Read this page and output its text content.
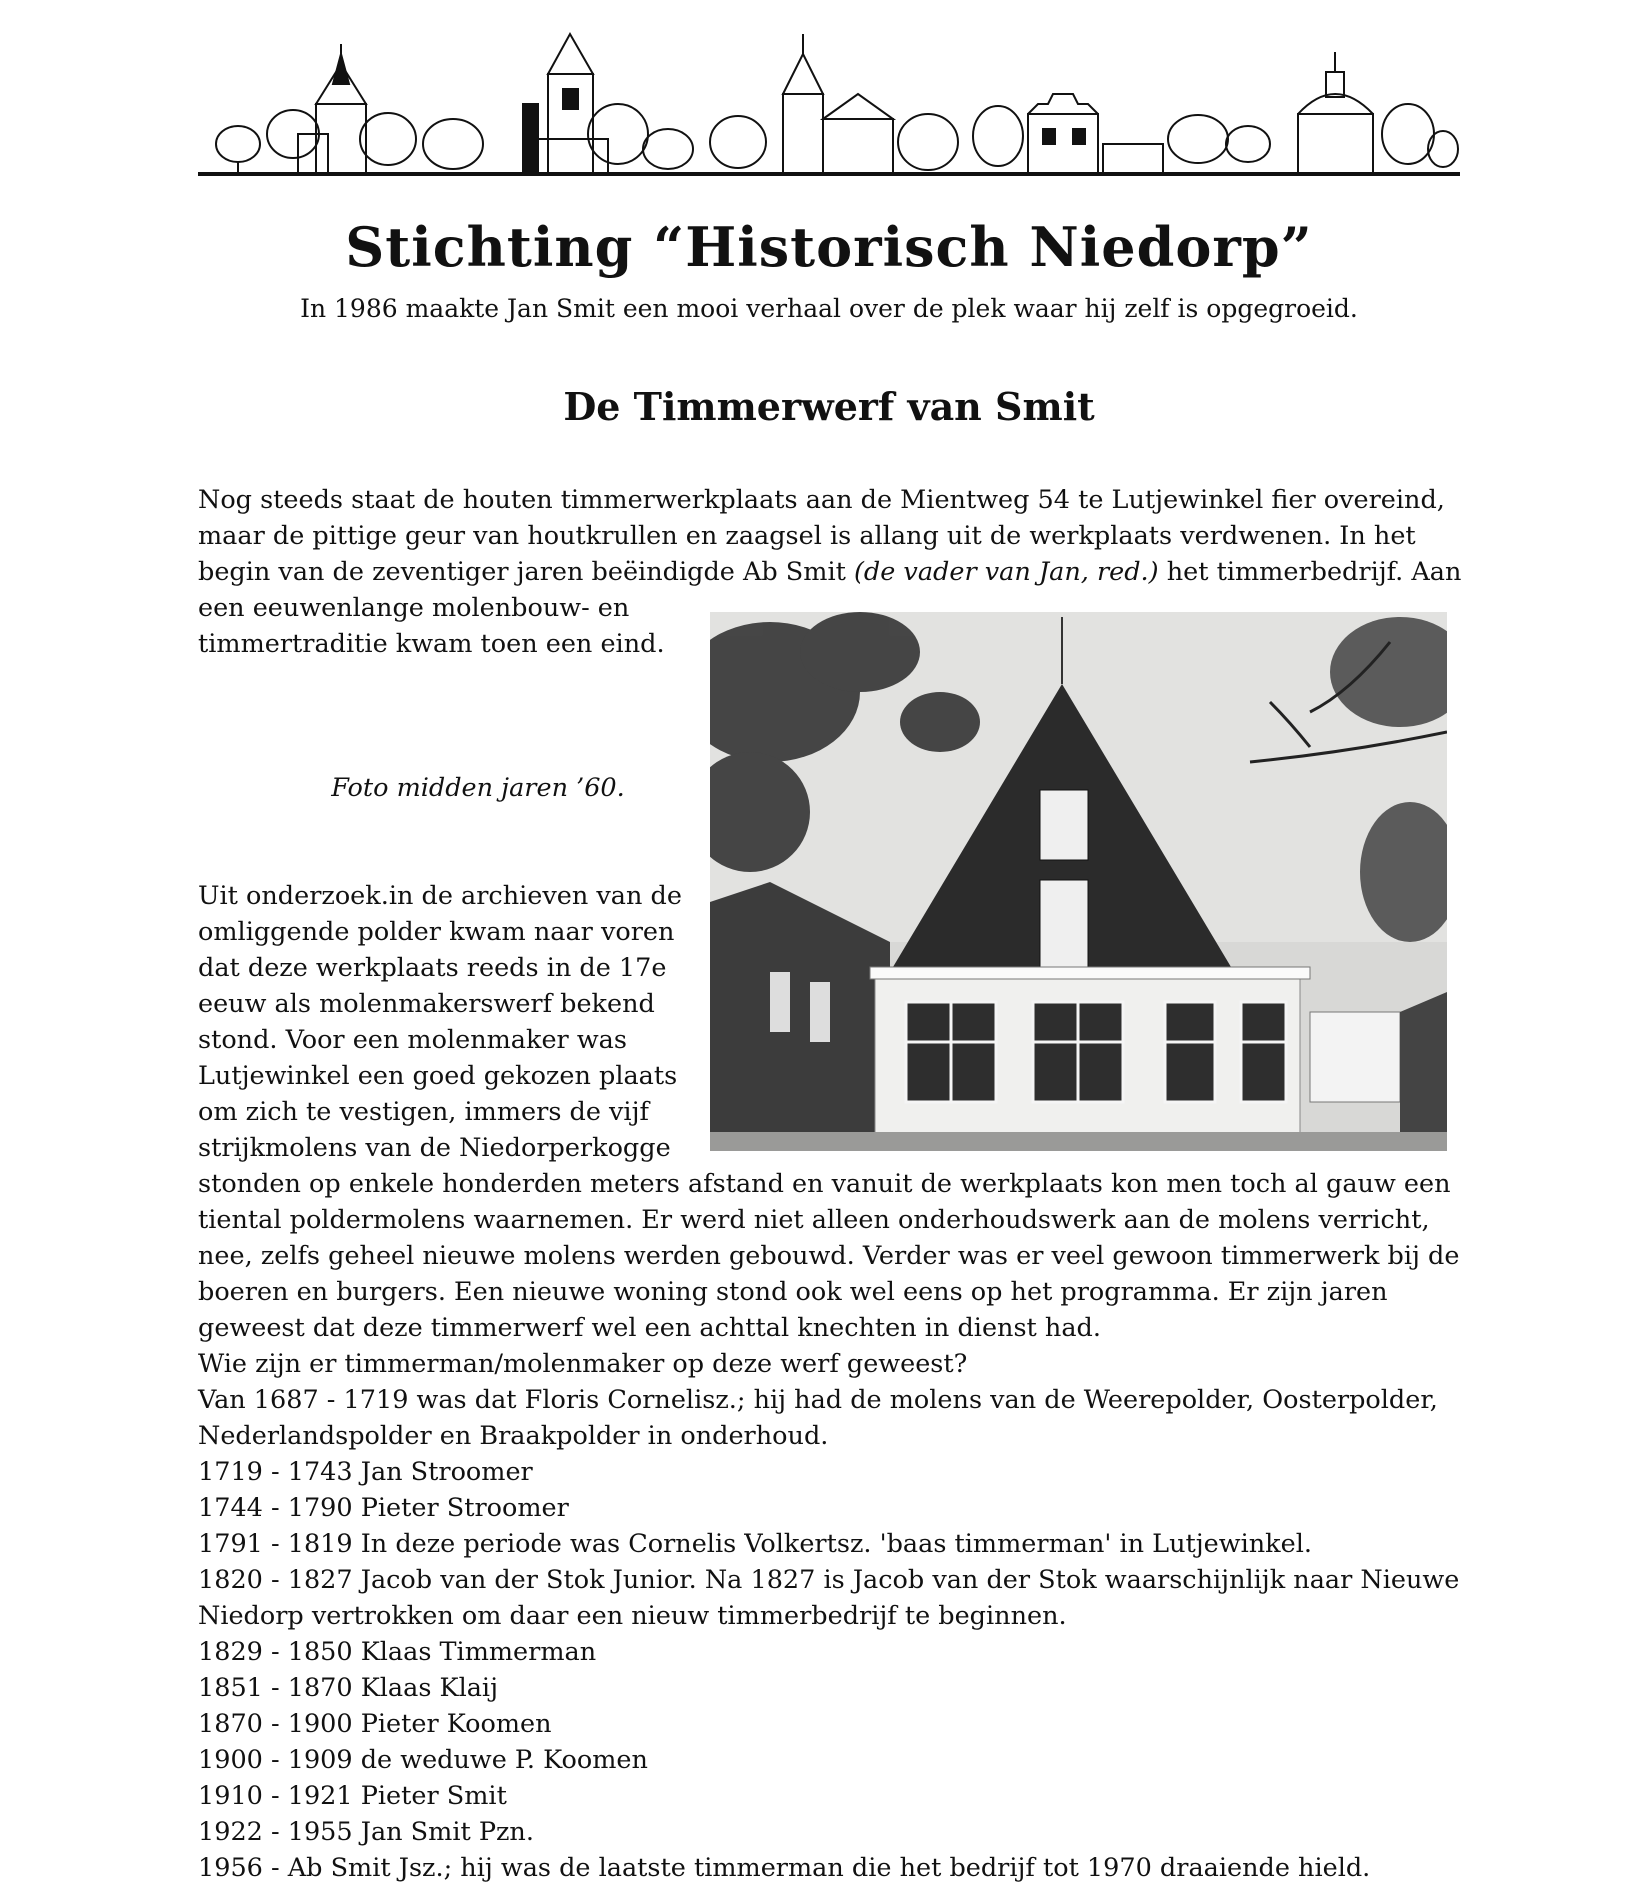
Stichting “Historisch Niedorp”
In 1986 maakte Jan Smit een mooi verhaal over de plek waar hij zelf is opgegroeid.
De Timmerwerf van Smit

Nog steeds staat de houten timmerwerkplaats aan de Mientweg 54 te Lutjewinkel fier overeind,
maar de pittige geur van houtkrullen en zaagsel is allang uit de werkplaats verdwenen. In het
begin van de zeventiger jaren beëindigde Ab Smit (de vader van Jan, red.) het timmerbedrijf. Aan

een eeuwenlange molenbouw- en
timmertraditie kwam toen een eind.

Foto midden jaren ’60.

Uit onderzoek.in de archieven van de
omliggende polder kwam naar voren
dat deze werkplaats reeds in de 17e
eeuw als molenmakerswerf bekend
stond. Voor een molenmaker was
Lutjewinkel een goed gekozen plaats
om zich te vestigen, immers de vijf
strijkmolens van de Niedorperkogge

stonden op enkele honderden meters afstand en vanuit de werkplaats kon men toch al gauw een
tiental poldermolens waarnemen. Er werd niet alleen onderhoudswerk aan de molens verricht,
nee, zelfs geheel nieuwe molens werden gebouwd. Verder was er veel gewoon timmerwerk bij de
boeren en burgers. Een nieuwe woning stond ook wel eens op het programma. Er zijn jaren
geweest dat deze timmerwerf wel een achttal knechten in dienst had.
Wie zijn er timmerman/molenmaker op deze werf geweest?
Van 1687 - 1719 was dat Floris Cornelisz.; hij had de molens van de Weerepolder, Oosterpolder,
Nederlandspolder en Braakpolder in onderhoud.
1719 - 1743 Jan Stroomer
1744 - 1790 Pieter Stroomer
1791 - 1819 In deze periode was Cornelis Volkertsz. 'baas timmerman' in Lutjewinkel.
1820 - 1827 Jacob van der Stok Junior. Na 1827 is Jacob van der Stok waarschijnlijk naar Nieuwe
Niedorp vertrokken om daar een nieuw timmerbedrijf te beginnen.
1829 - 1850 Klaas Timmerman
1851 - 1870 Klaas Klaij
1870 - 1900 Pieter Koomen
1900 - 1909 de weduwe P. Koomen
1910 - 1921 Pieter Smit
1922 - 1955 Jan Smit Pzn.
1956 - Ab Smit Jsz.; hij was de laatste timmerman die het bedrijf tot 1970 draaiende hield.
